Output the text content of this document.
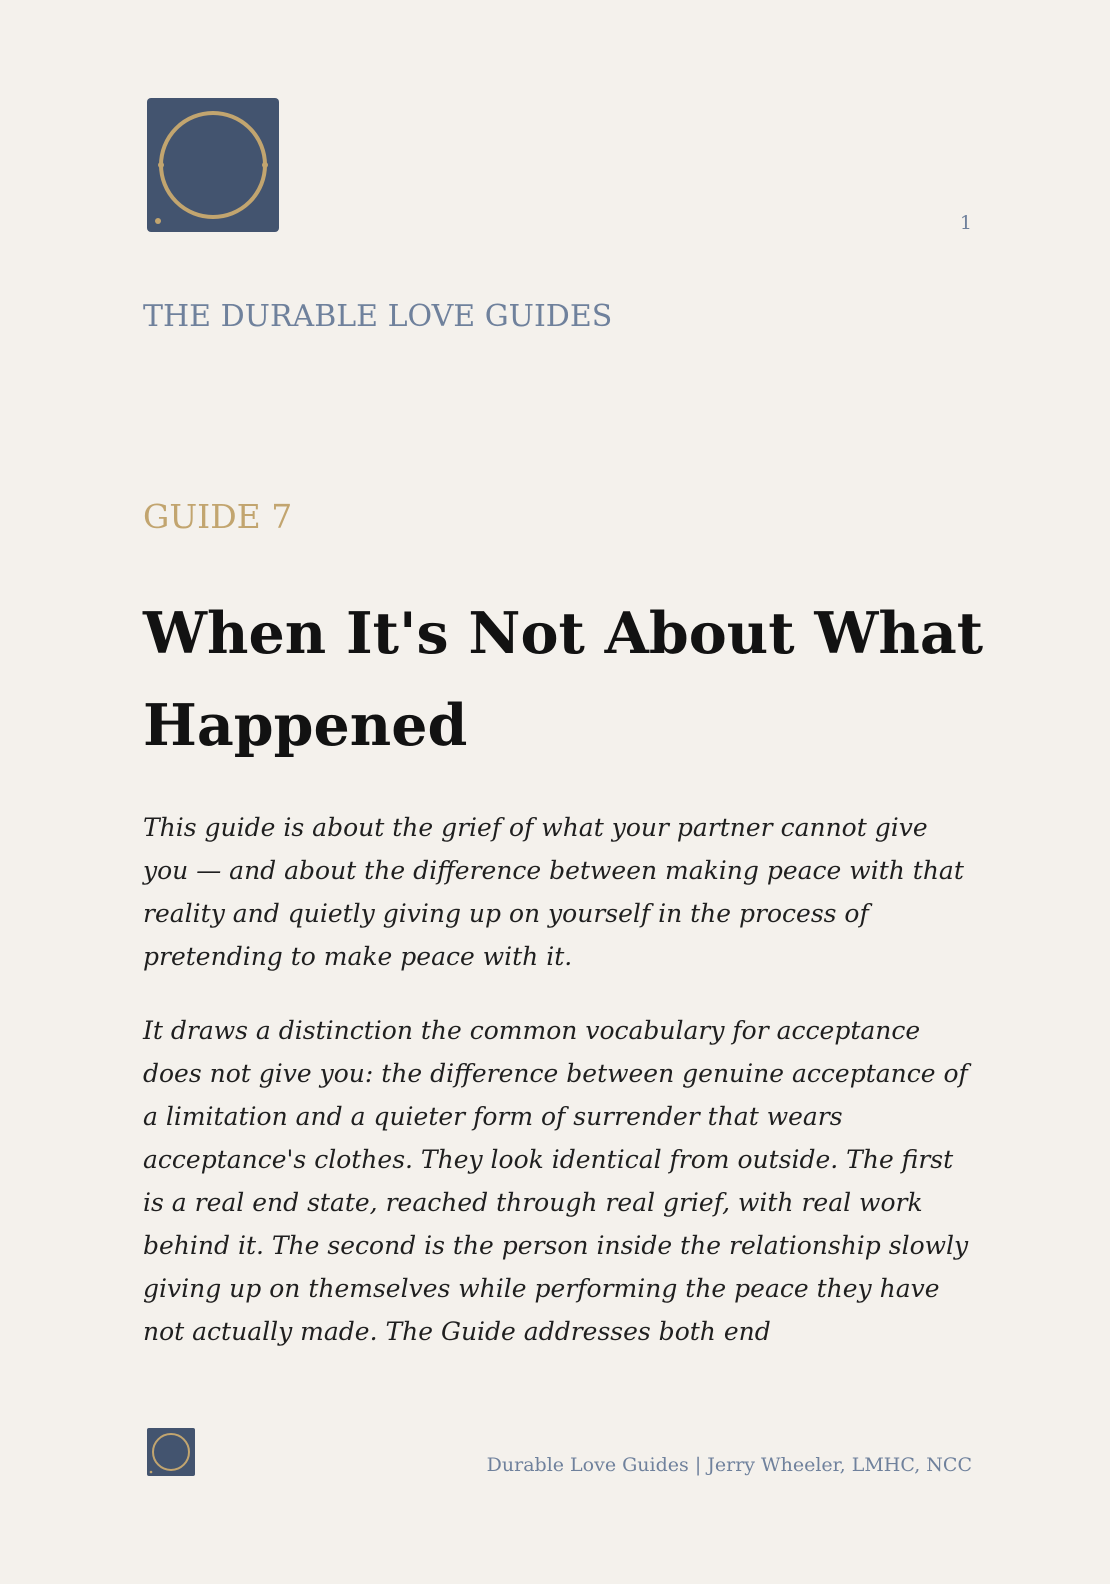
1
THE DURABLE LOVE GUIDES
GUIDE 7
When It's Not About What Happened

This guide is about the grief of what your partner cannot give you — and about the difference between making peace with that reality and quietly giving up on yourself in the process of pretending to make peace with it.

It draws a distinction the common vocabulary for acceptance does not give you: the difference between genuine acceptance of a limitation and a quieter form of surrender that wears acceptance's clothes. They look identical from outside. The first is a real end state, reached through real grief, with real work behind it. The second is the person inside the relationship slowly giving up on themselves while performing the peace they have not actually made. The Guide addresses both end

Durable Love Guides | Jerry Wheeler, LMHC, NCC
